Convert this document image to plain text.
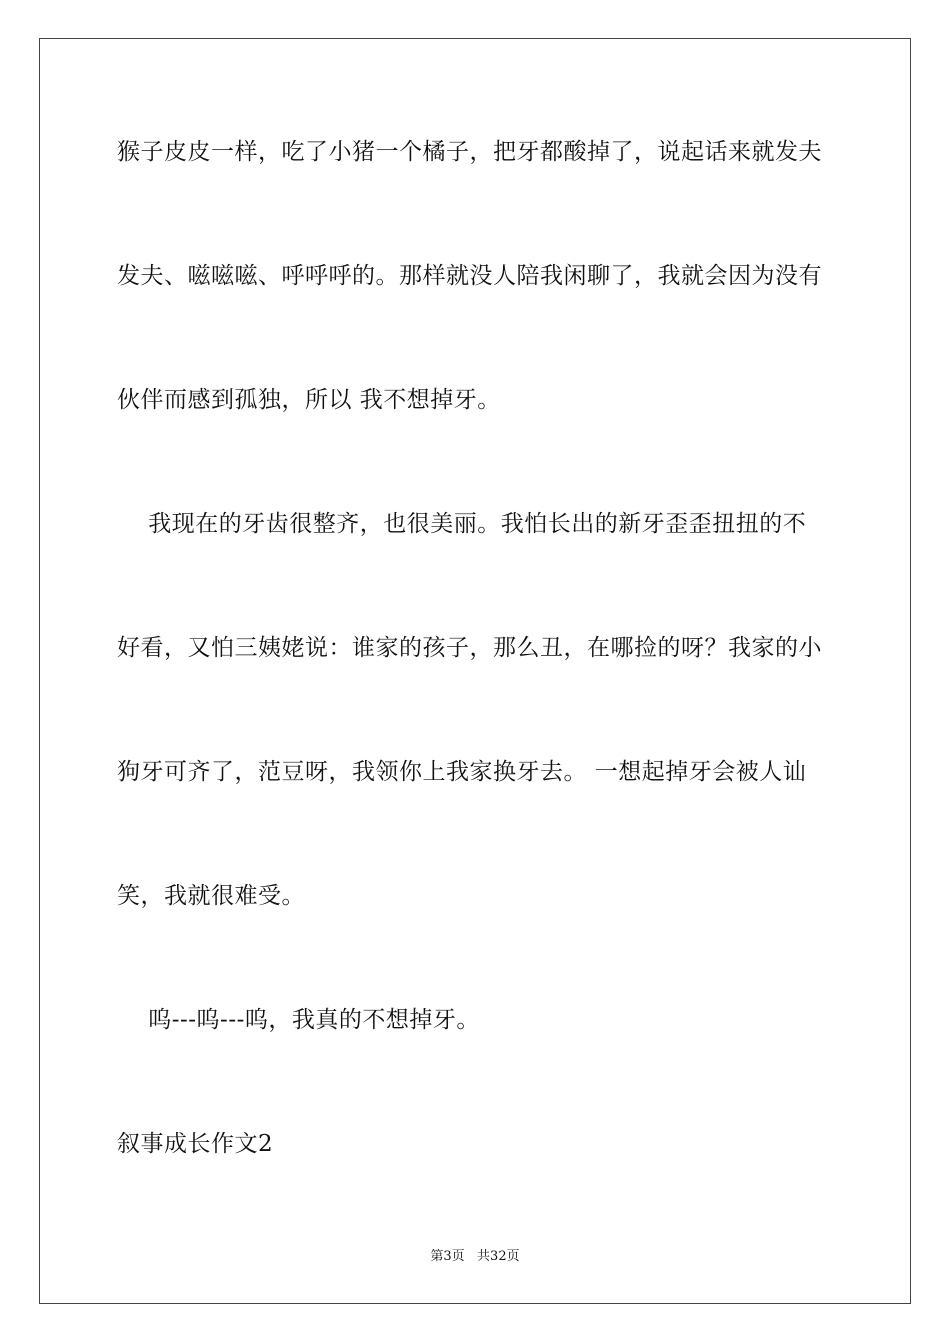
猴子皮皮一样，吃了小猪一个橘子，把牙都酸掉了，说起话来就发夫
发夫、嗞嗞嗞、呼呼呼的。那样就没人陪我闲聊了，我就会因为没有
伙伴而感到孤独，所以 我不想掉牙。
我现在的牙齿很整齐，也很美丽。我怕长出的新牙歪歪扭扭的不
好看，又怕三姨姥说：谁家的孩子，那么丑，在哪捡的呀？我家的小
狗牙可齐了，范豆呀，我领你上我家换牙去。 一想起掉牙会被人讪
笑，我就很难受。
呜---呜---呜，我真的不想掉牙。
叙事成长作文2
第3页   共32页
